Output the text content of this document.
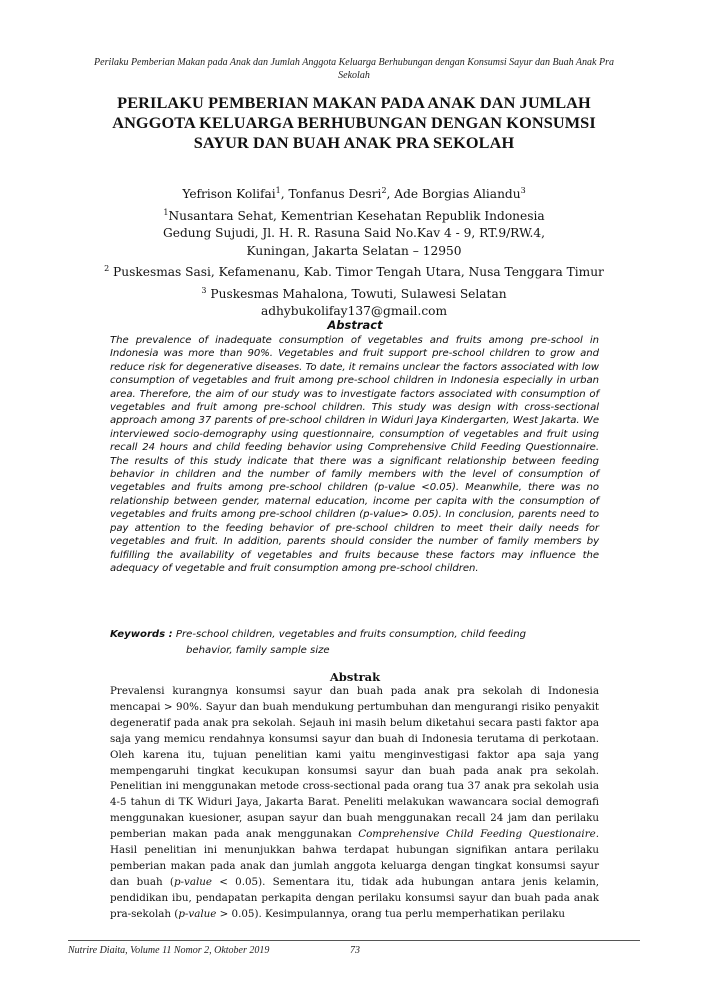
Perilaku Pemberian Makan pada Anak dan Jumlah Anggota Keluarga Berhubungan dengan Konsumsi Sayur dan Buah Anak Pra Sekolah
PERILAKU PEMBERIAN MAKAN PADA ANAK DAN JUMLAH ANGGOTA KELUARGA BERHUBUNGAN DENGAN KONSUMSI SAYUR DAN BUAH ANAK PRA SEKOLAH
Yefrison Kolifai$^1$, Tonfanus Desri$^2$, Ade Borgias Aliandu$^3$
$^1$Nusantara Sehat, Kementrian Kesehatan Republik Indonesia
Gedung Sujudi, Jl. H. R. Rasuna Said No.Kav 4 - 9, RT.9/RW.4,
Kuningan, Jakarta Selatan – 12950
$^2$ Puskesmas Sasi, Kefamenanu, Kab. Timor Tengah Utara, Nusa Tenggara Timur
$^3$ Puskesmas Mahalona, Towuti, Sulawesi Selatan
adhybukolifay137@gmail.com
Abstract
The prevalence of inadequate consumption of vegetables and fruits among pre-school in Indonesia was more than 90%. Vegetables and fruit support pre-school children to grow and reduce risk for degenerative diseases. To date, it remains unclear the factors associated with low consumption of vegetables and fruit among pre-school children in Indonesia especially in urban area. Therefore, the aim of our study was to investigate factors associated with consumption of vegetables and fruit among pre-school children. This study was design with cross-sectional approach among 37 parents of pre-school children in Widuri Jaya Kindergarten, West Jakarta. We interviewed socio-demography using questionnaire, consumption of vegetables and fruit using recall 24 hours and child feeding behavior using Comprehensive Child Feeding Questionnaire. The results of this study indicate that there was a significant relationship between feeding behavior in children and the number of family members with the level of consumption of vegetables and fruits among pre-school children (p-value <0.05). Meanwhile, there was no relationship between gender, maternal education, income per capita with the consumption of vegetables and fruits among pre-school children (p-value> 0.05). In conclusion, parents need to pay attention to the feeding behavior of pre-school children to meet their daily needs for vegetables and fruit. In addition, parents should consider the number of family members by fulfilling the availability of vegetables and fruits because these factors may influence the adequacy of vegetable and fruit consumption among pre-school children.
Keywords : Pre-school children, vegetables and fruits consumption, child feeding
behavior, family sample size
Abstrak
Prevalensi kurangnya konsumsi sayur dan buah pada anak pra sekolah di Indonesia mencapai > 90%. Sayur dan buah mendukung pertumbuhan dan mengurangi risiko penyakit degeneratif pada anak pra sekolah. Sejauh ini masih belum diketahui secara pasti faktor apa saja yang memicu rendahnya konsumsi sayur dan buah di Indonesia terutama di perkotaan. Oleh karena itu, tujuan penelitian kami yaitu menginvestigasi faktor apa saja yang mempengaruhi tingkat kecukupan konsumsi sayur dan buah pada anak pra sekolah. Penelitian ini menggunakan metode cross-sectional pada orang tua 37 anak pra sekolah usia 4-5 tahun di TK Widuri Jaya, Jakarta Barat. Peneliti melakukan wawancara social demografi menggunakan kuesioner, asupan sayur dan buah menggunakan recall 24 jam dan perilaku pemberian makan pada anak menggunakan Comprehensive Child Feeding Questionaire. Hasil penelitian ini menunjukkan bahwa terdapat hubungan signifikan antara perilaku pemberian makan pada anak dan jumlah anggota keluarga dengan tingkat konsumsi sayur dan buah (p-value < 0.05). Sementara itu, tidak ada hubungan antara jenis kelamin, pendidikan ibu, pendapatan perkapita dengan perilaku konsumsi sayur dan buah pada anak pra-sekolah (p-value > 0.05). Kesimpulannya, orang tua perlu memperhatikan perilaku
Nutrire Diaita, Volume 11 Nomor 2, Oktober 2019	73
